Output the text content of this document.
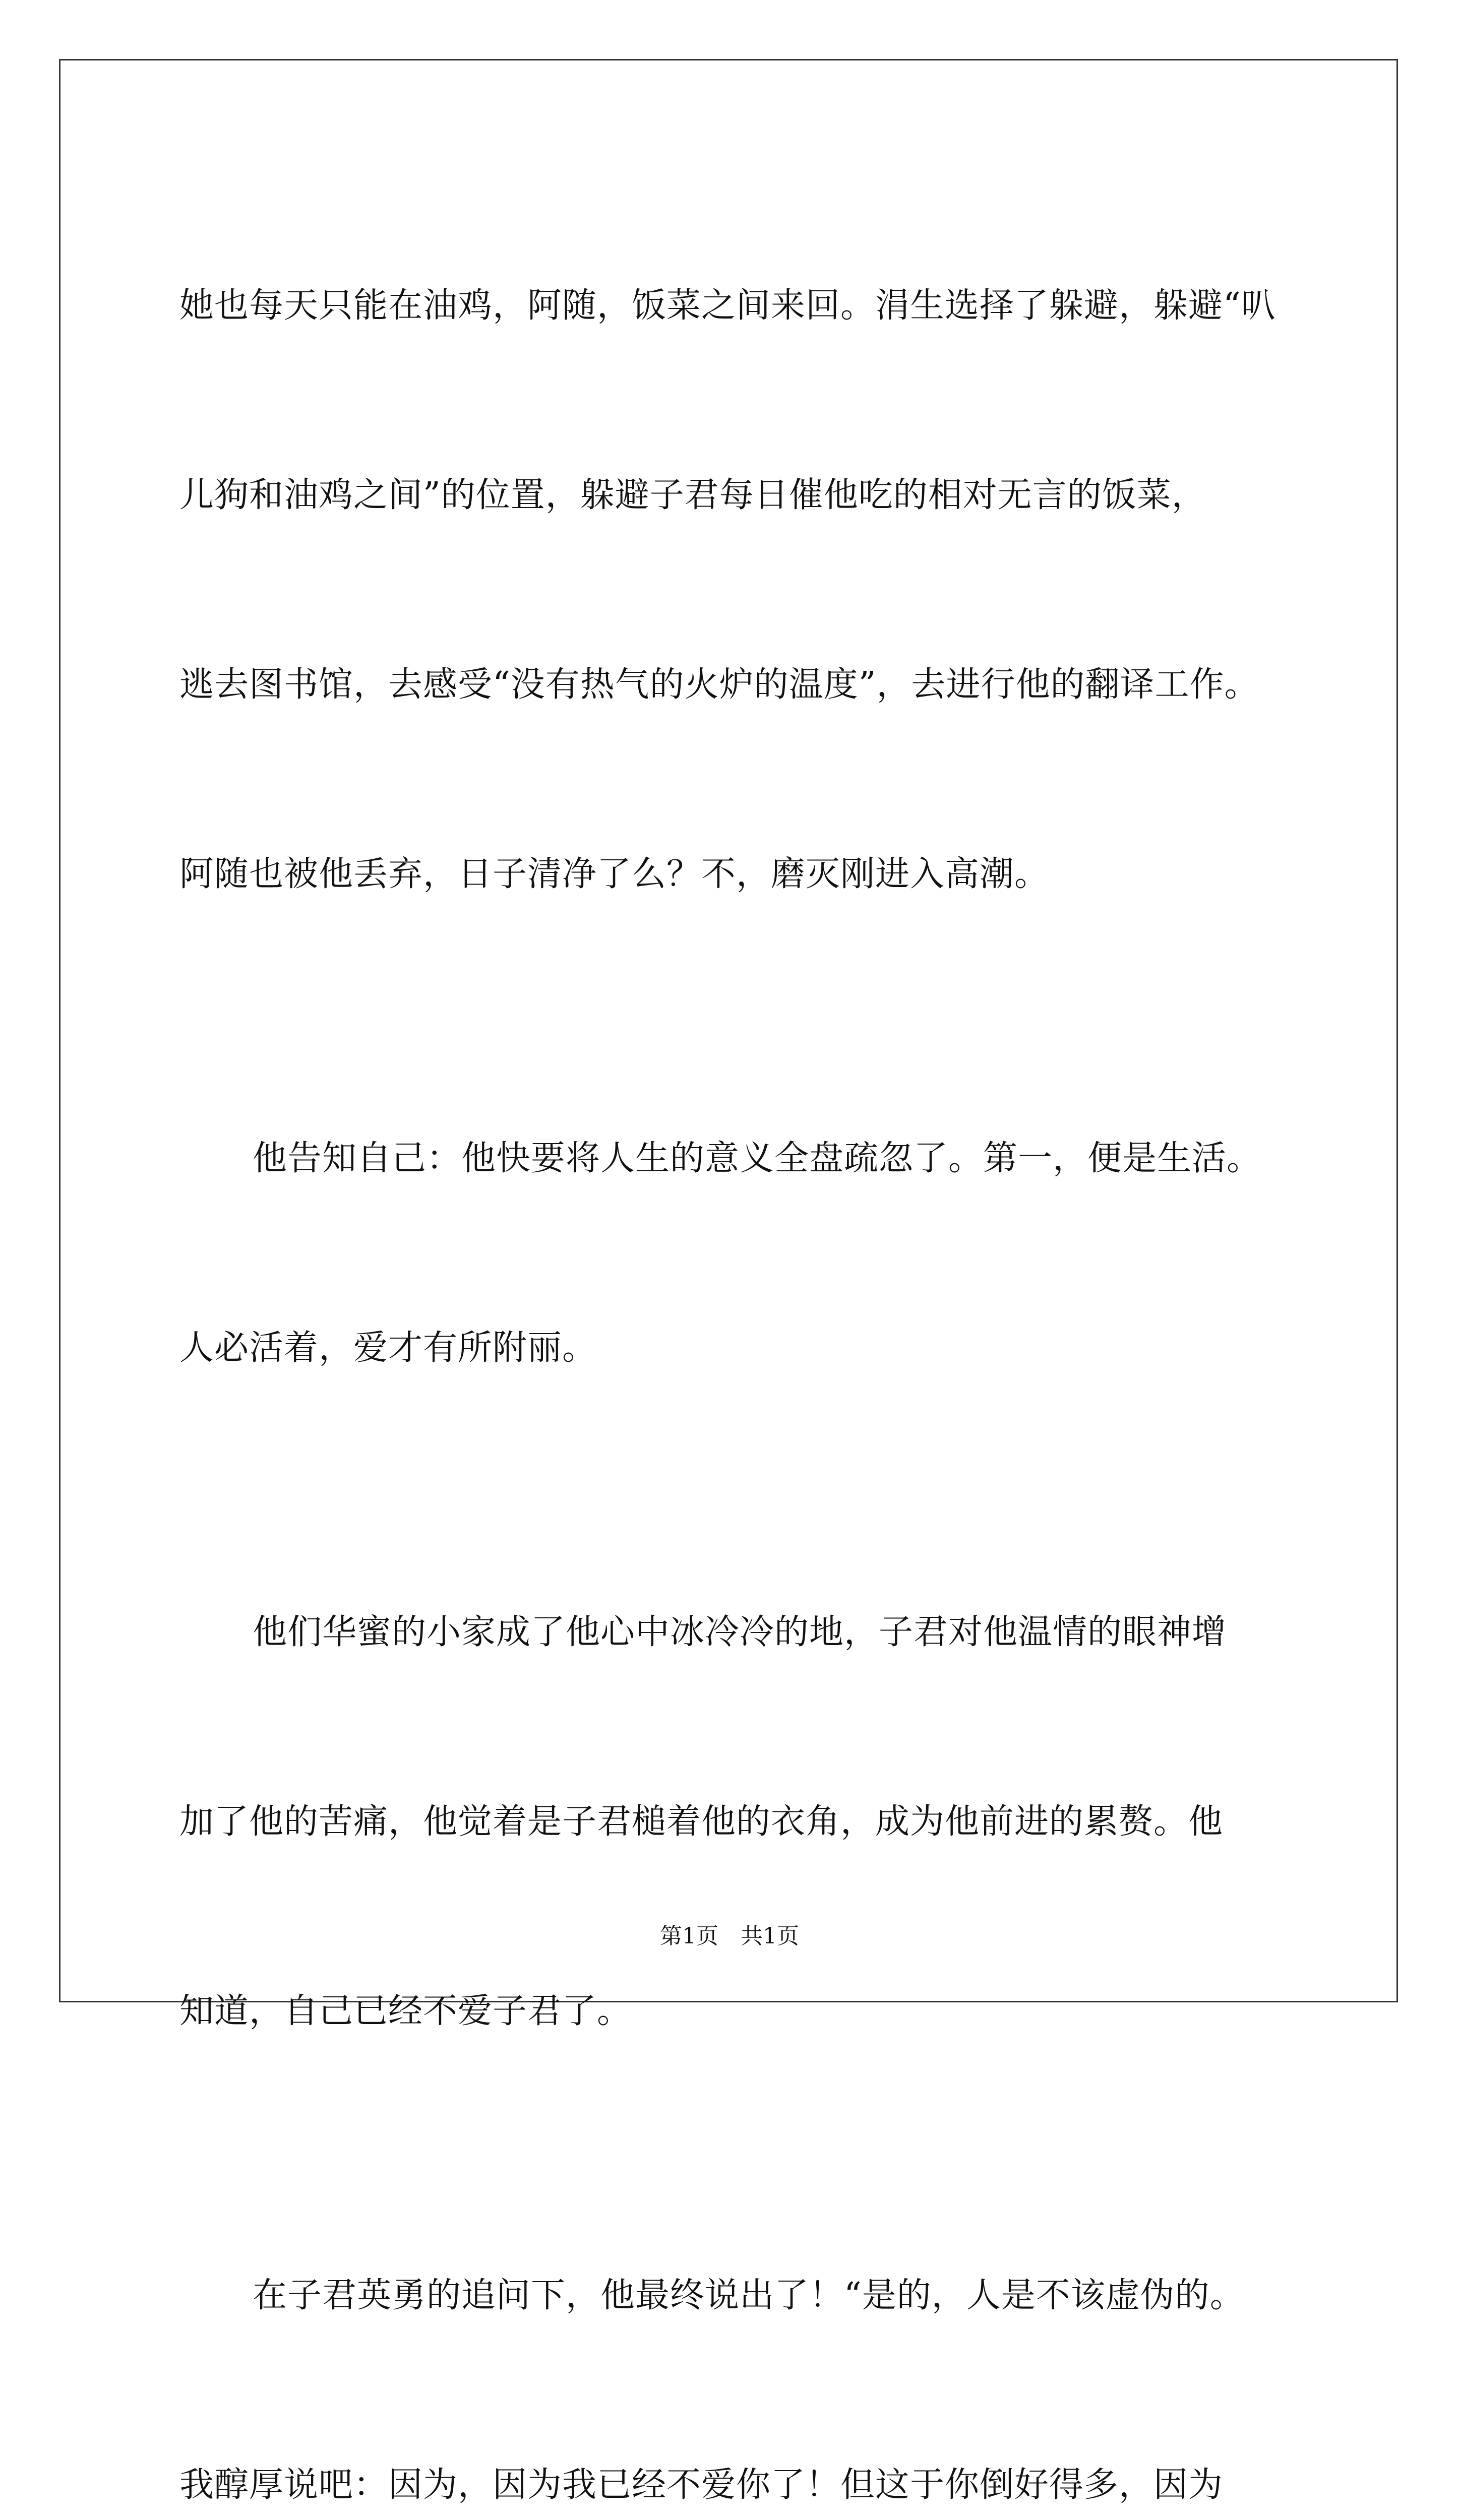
她也每天只能在油鸡，阿随，饭菜之间来回。涓生选择了躲避，躲避“叭

儿狗和油鸡之间”的位置，躲避子君每日催他吃的相对无言的饭菜，

逃去图书馆，去感受“没有热气的火炉的温度”，去进行他的翻译工作。

阿随也被他丢弃，日子清净了么？不，磨灭刚进入高潮。

他告知自己：他快要将人生的意义全盘疏忽了。第一，便是生活。

人必活着，爱才有所附丽。

他们华蜜的小家成了他心中冰冷冷的地，子君对他温情的眼神增

加了他的苦痛，他觉着是子君槌着他的衣角，成为他前进的累赘。他

知道，自己已经不爱子君了。

在子君英勇的追问下，他最终说出了！“是的，人是不该虚伪的。

我醇厚说吧：因为，因为我已经不爱你了！但这于你倒好得多，因为

第1页　共1页
